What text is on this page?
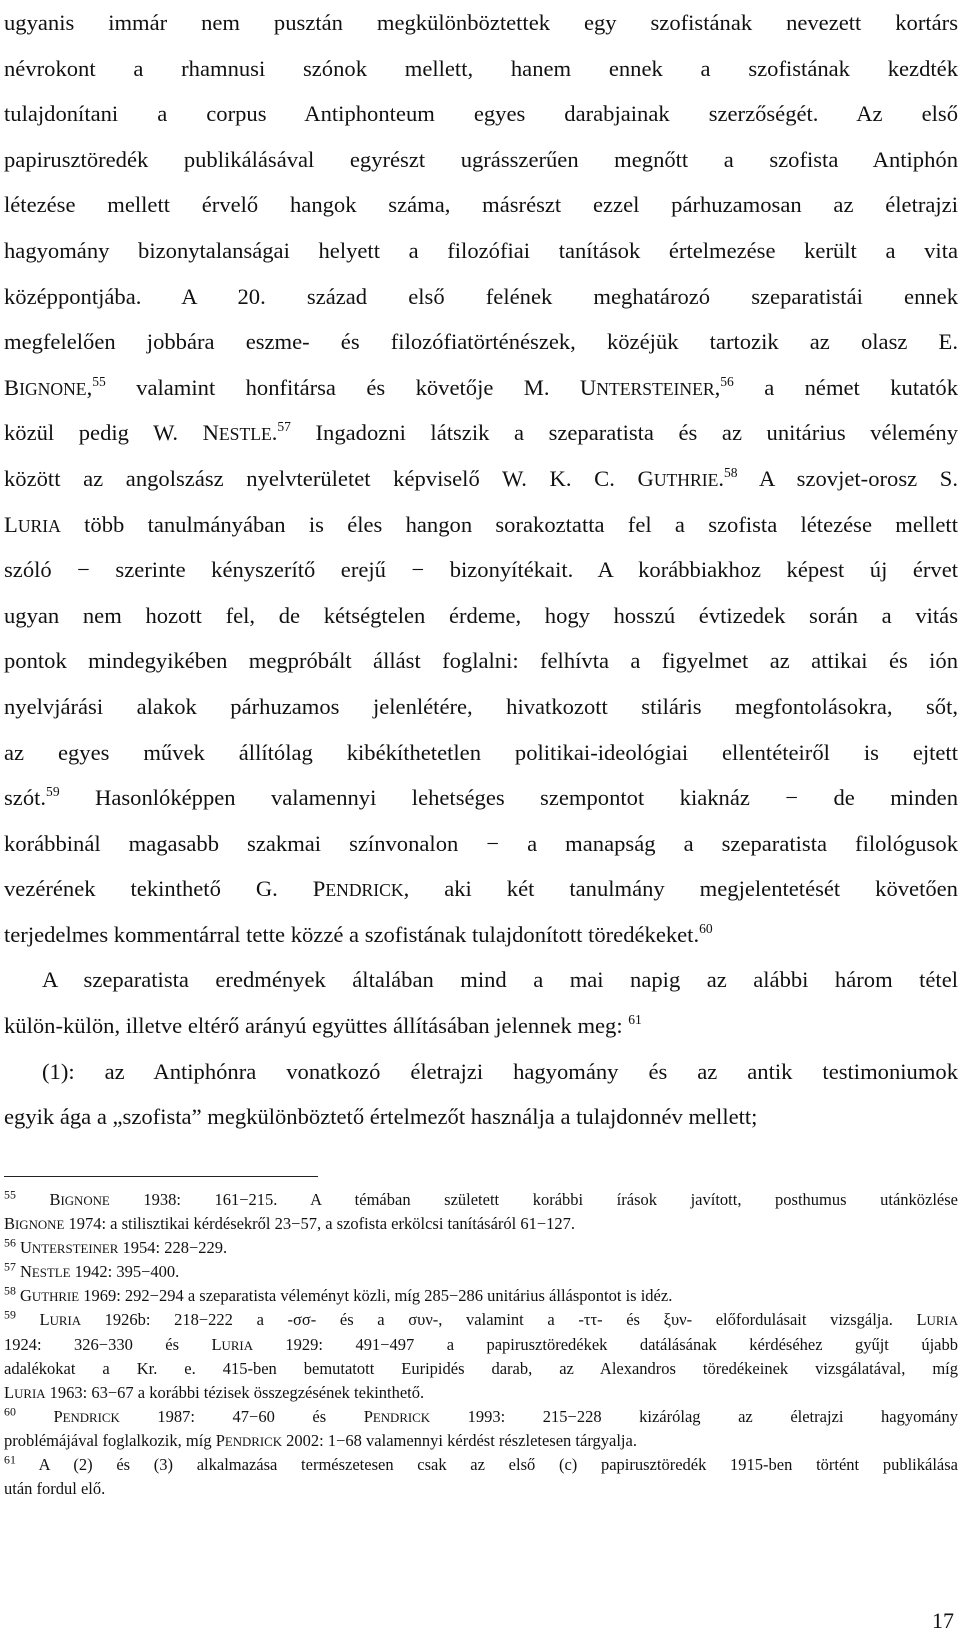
ugyanis immár nem pusztán megkülönböztettek egy szofistának nevezett kortárs
névrokont a rhamnusi szónok mellett, hanem ennek a szofistának kezdték
tulajdonítani a corpus Antiphonteum egyes darabjainak szerzőségét. Az első
papirusztöredék publikálásával egyrészt ugrásszerűen megnőtt a szofista Antiphón
létezése mellett érvelő hangok száma, másrészt ezzel párhuzamosan az életrajzi
hagyomány bizonytalanságai helyett a filozófiai tanítások értelmezése került a vita
középpontjába. A 20. század első felének meghatározó szeparatistái ennek
megfelelően jobbára eszme- és filozófiatörténészek, közéjük tartozik az olasz E.
BIGNONE,$^{55}$ valamint honfitársa és követője M. UNTERSTEINER,$^{56}$ a német kutatók
közül pedig W. NESTLE.$^{57}$ Ingadozni látszik a szeparatista és az unitárius vélemény
között az angolszász nyelvterületet képviselő W. K. C. GUTHRIE.$^{58}$ A szovjet-orosz S.
LURIA több tanulmányában is éles hangon sorakoztatta fel a szofista létezése mellett
szóló − szerinte kényszerítő erejű − bizonyítékait. A korábbiakhoz képest új érvet
ugyan nem hozott fel, de kétségtelen érdeme, hogy hosszú évtizedek során a vitás
pontok mindegyikében megpróbált állást foglalni: felhívta a figyelmet az attikai és ión
nyelvjárási alakok párhuzamos jelenlétére, hivatkozott stiláris megfontolásokra, sőt,
az egyes művek állítólag kibékíthetetlen politikai-ideológiai ellentéteiről is ejtett
szót.$^{59}$ Hasonlóképpen valamennyi lehetséges szempontot kiaknáz − de minden
korábbinál magasabb szakmai színvonalon − a manapság a szeparatista filológusok
vezérének tekinthető G. PENDRICK, aki két tanulmány megjelentetését követően
terjedelmes kommentárral tette közzé a szofistának tulajdonított töredékeket.$^{60}$
A szeparatista eredmények általában mind a mai napig az alábbi három tétel
külön-külön, illetve eltérő arányú együttes állításában jelennek meg: $^{61}$
(1): az Antiphónra vonatkozó életrajzi hagyomány és az antik testimoniumok
egyik ága a „szofista” megkülönböztető értelmezőt használja a tulajdonnév mellett;
$^{55}$ BIGNONE 1938: 161−215. A témában született korábbi írások javított, posthumus utánközlése
BIGNONE 1974: a stilisztikai kérdésekről 23−57, a szofista erkölcsi tanításáról 61−127.
$^{56}$ UNTERSTEINER 1954: 228−229.
$^{57}$ NESTLE 1942: 395−400.
$^{58}$ GUTHRIE 1969: 292−294 a szeparatista véleményt közli, míg 285−286 unitárius álláspontot is idéz.
$^{59}$ LURIA 1926b: 218−222 a -σσ- és a συν-, valamint a -ττ- és ξυν- előfordulásait vizsgálja. LURIA
1924: 326−330 és LURIA 1929: 491−497 a papirusztöredékek datálásának kérdéséhez gyűjt újabb
adalékokat a Kr. e. 415-ben bemutatott Euripidés darab, az Alexandros töredékeinek vizsgálatával, míg
LURIA 1963: 63−67 a korábbi tézisek összegzésének tekinthető.
$^{60}$ PENDRICK 1987: 47−60 és PENDRICK 1993: 215−228 kizárólag az életrajzi hagyomány
problémájával foglalkozik, míg PENDRICK 2002: 1−68 valamennyi kérdést részletesen tárgyalja.
$^{61}$ A (2) és (3) alkalmazása természetesen csak az első (c) papirusztöredék 1915-ben történt publikálása
után fordul elő.
17
